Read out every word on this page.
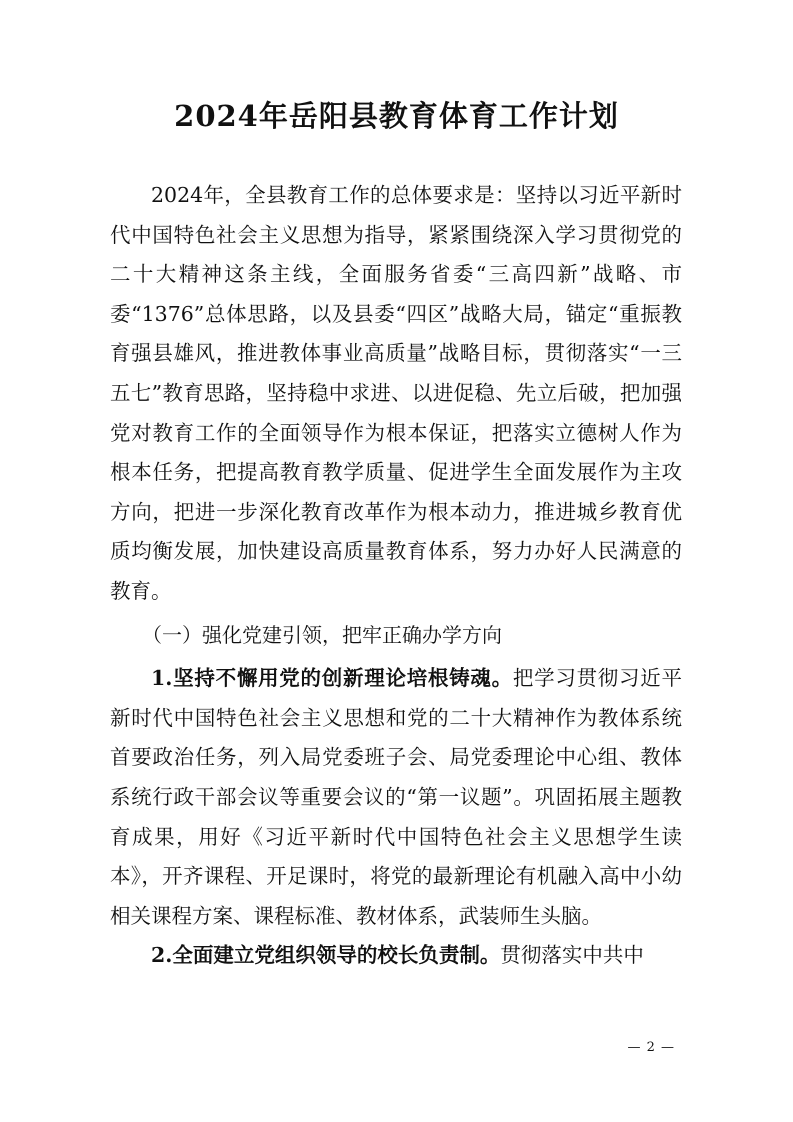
2024年岳阳县教育体育工作计划

2024年，全县教育工作的总体要求是：坚持以习近平新时代中国特色社会主义思想为指导，紧紧围绕深入学习贯彻党的二十大精神这条主线，全面服务省委“三高四新”战略、市委“1376”总体思路，以及县委“四区”战略大局，锚定“重振教育强县雄风，推进教体事业高质量”战略目标，贯彻落实“一三五七”教育思路，坚持稳中求进、以进促稳、先立后破，把加强党对教育工作的全面领导作为根本保证，把落实立德树人作为根本任务，把提高教育教学质量、促进学生全面发展作为主攻方向，把进一步深化教育改革作为根本动力，推进城乡教育优质均衡发展，加快建设高质量教育体系，努力办好人民满意的教育。

（一）强化党建引领，把牢正确办学方向

1.坚持不懈用党的创新理论培根铸魂。把学习贯彻习近平新时代中国特色社会主义思想和党的二十大精神作为教体系统首要政治任务，列入局党委班子会、局党委理论中心组、教体系统行政干部会议等重要会议的“第一议题”。巩固拓展主题教育成果，用好《习近平新时代中国特色社会主义思想学生读本》，开齐课程、开足课时，将党的最新理论有机融入高中小幼相关课程方案、课程标准、教材体系，武装师生头脑。

2.全面建立党组织领导的校长负责制。贯彻落实中共中

— 2 —
